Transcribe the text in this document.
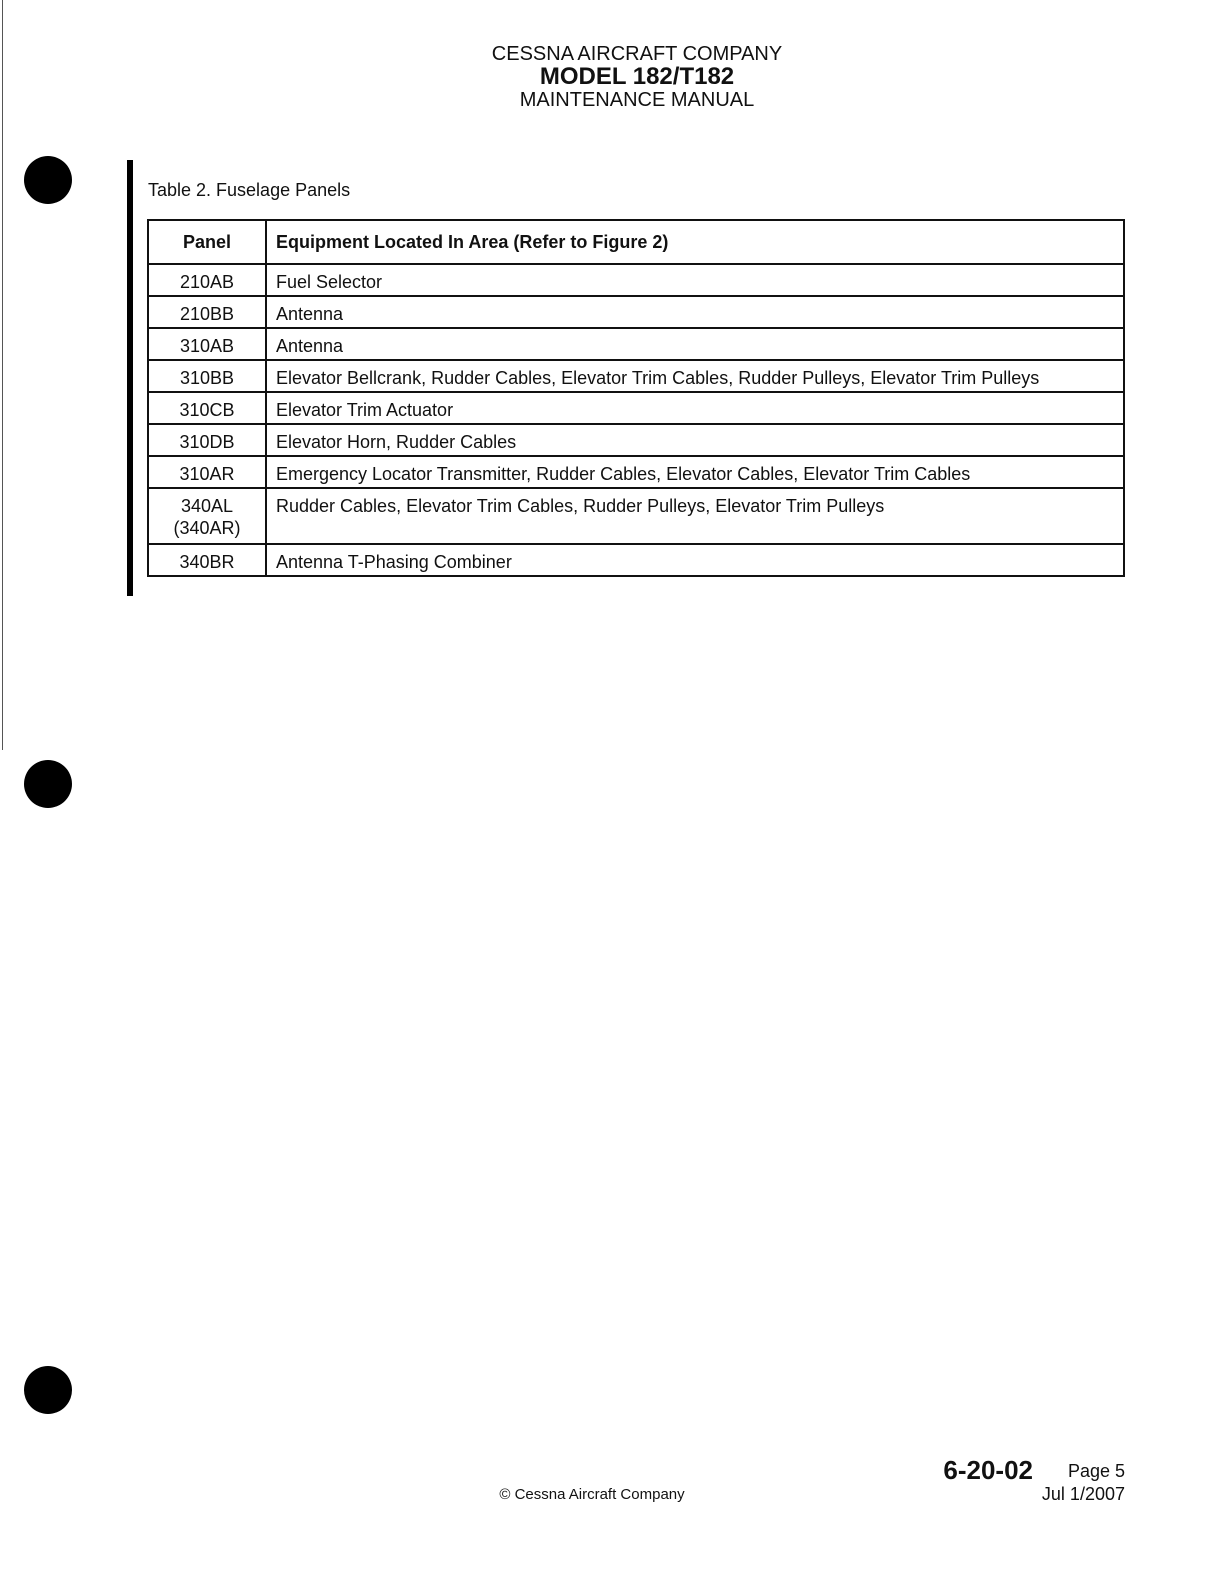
CESSNA AIRCRAFT COMPANY
MODEL 182/T182
MAINTENANCE MANUAL
Table 2. Fuselage Panels
Panel	Equipment Located In Area (Refer to Figure 2)
210AB	Fuel Selector
210BB	Antenna
310AB	Antenna
310BB	Elevator Bellcrank, Rudder Cables, Elevator Trim Cables, Rudder Pulleys, Elevator Trim Pulleys
310CB	Elevator Trim Actuator
310DB	Elevator Horn, Rudder Cables
310AR	Emergency Locator Transmitter, Rudder Cables, Elevator Cables, Elevator Trim Cables

340AL
(340AR)	Rudder Cables, Elevator Trim Cables, Rudder Pulleys, Elevator Trim Pulleys
340BR	Antenna T-Phasing Combiner
6-20-02 Page 5
Jul 1/2007
© Cessna Aircraft Company
